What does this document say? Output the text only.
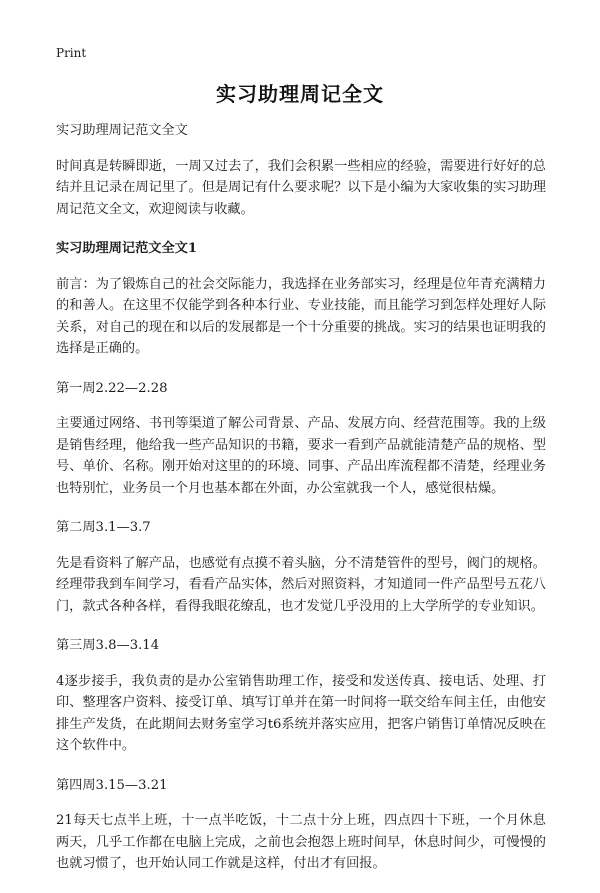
Print
实习助理周记全文

实习助理周记范文全文

时间真是转瞬即逝，一周又过去了，我们会积累一些相应的经验，需要进行好好的总结并且记录在周记里了。但是周记有什么要求呢？以下是小编为大家收集的实习助理周记范文全文，欢迎阅读与收藏。

实习助理周记范文全文1

前言：为了锻炼自己的社会交际能力，我选择在业务部实习，经理是位年青充满精力的和善人。在这里不仅能学到各种本行业、专业技能，而且能学习到怎样处理好人际关系，对自己的现在和以后的发展都是一个十分重要的挑战。实习的结果也证明我的选择是正确的。

第一周2.22—2.28

主要通过网络、书刊等渠道了解公司背景、产品、发展方向、经营范围等。我的上级是销售经理，他给我一些产品知识的书籍，要求一看到产品就能清楚产品的规格、型号、单价、名称。刚开始对这里的的环境、同事、产品出库流程都不清楚，经理业务也特别忙，业务员一个月也基本都在外面，办公室就我一个人，感觉很枯燥。

第二周3.1—3.7

先是看资料了解产品，也感觉有点摸不着头脑，分不清楚管件的型号，阀门的规格。经理带我到车间学习，看看产品实体，然后对照资料，才知道同一件产品型号五花八门，款式各种各样，看得我眼花缭乱，也才发觉几乎没用的上大学所学的专业知识。

第三周3.8—3.14

4逐步接手，我负责的是办公室销售助理工作，接受和发送传真、接电话、处理、打印、整理客户资料、接受订单、填写订单并在第一时间将一联交给车间主任，由他安排生产发货，在此期间去财务室学习t6系统并落实应用，把客户销售订单情况反映在这个软件中。

第四周3.15—3.21

21每天七点半上班，十一点半吃饭，十二点十分上班，四点四十下班，一个月休息两天，几乎工作都在电脑上完成，之前也会抱怨上班时间早，休息时间少，可慢慢的也就习惯了，也开始认同工作就是这样，付出才有回报。
